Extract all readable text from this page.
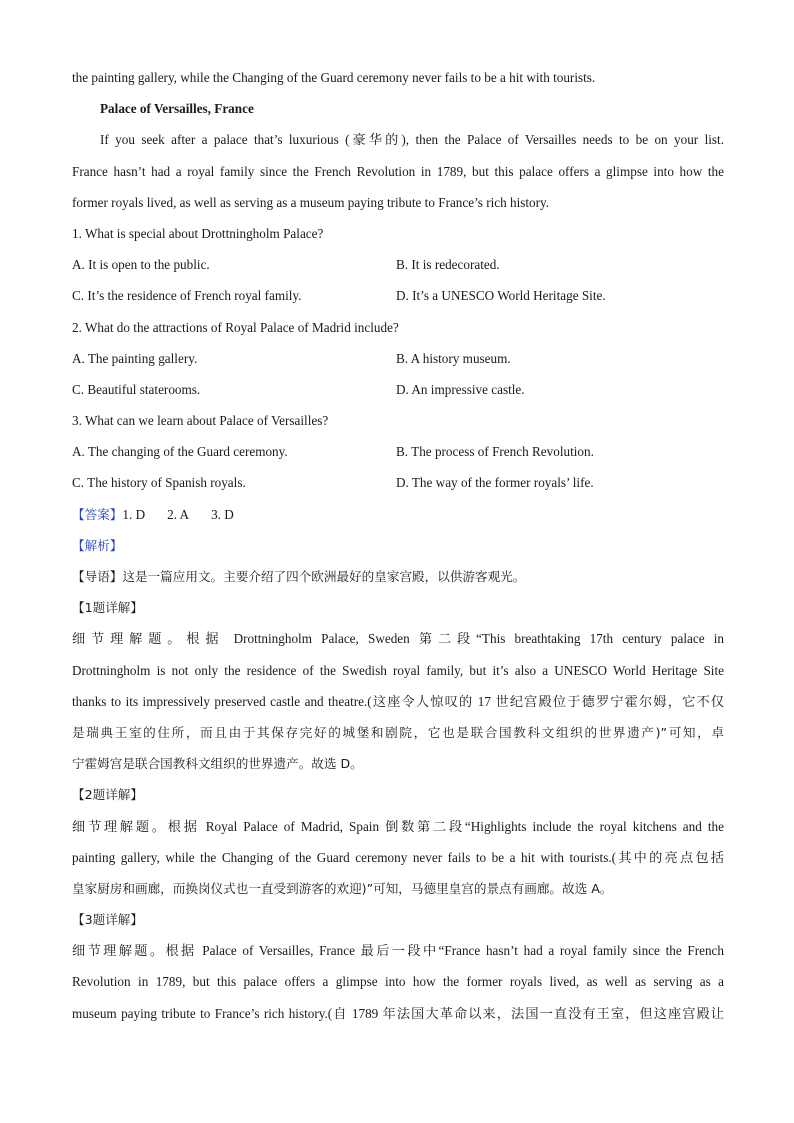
the painting gallery, while the Changing of the Guard ceremony never fails to be a hit with tourists.
Palace of Versailles, France
If you seek after a palace that’s luxurious (豪华的), then the Palace of Versailles needs to be on your list.
France hasn’t had a royal family since the French Revolution in 1789, but this palace offers a glimpse into how the
former royals lived, as well as serving as a museum paying tribute to France’s rich history.
1. What is special about Drottningholm Palace?
A. It is open to the public.	B. It is redecorated.
C. It’s the residence of French royal family.	D. It’s a UNESCO World Heritage Site.
2. What do the attractions of Royal Palace of Madrid include?
A. The painting gallery.	B. A history museum.
C. Beautiful staterooms.	D. An impressive castle.
3. What can we learn about Palace of Versailles?
A. The changing of the Guard ceremony.	B. The process of French Revolution.
C. The history of Spanish royals.	D. The way of the former royals’ life.
【答案】1. D 2. A 3. D
【解析】
【导语】这是一篇应用文。主要介绍了四个欧洲最好的皇家宫殿，以供游客观光。
【1题详解】
细节理解题。根据 Drottningholm Palace, Sweden 第二段“This breathtaking 17th century palace in
Drottningholm is not only the residence of the Swedish royal family, but it’s also a UNESCO World Heritage Site
thanks to its impressively preserved castle and theatre.(这座令人惊叹的 17 世纪宫殿位于德罗宁霍尔姆，它不仅
是瑞典王室的住所，而且由于其保存完好的城堡和剧院，它也是联合国教科文组织的世界遗产)”可知，卓
宁霍姆宫是联合国教科文组织的世界遗产。故选 D。
【2题详解】
细节理解题。根据 Royal Palace of Madrid, Spain 倒数第二段“Highlights include the royal kitchens and the
painting gallery, while the Changing of the Guard ceremony never fails to be a hit with tourists.(其中的亮点包括
皇家厨房和画廊，而换岗仪式也一直受到游客的欢迎)”可知，马德里皇宫的景点有画廊。故选 A。
【3题详解】
细节理解题。根据 Palace of Versailles, France 最后一段中“France hasn’t had a royal family since the French
Revolution in 1789, but this palace offers a glimpse into how the former royals lived, as well as serving as a
museum paying tribute to France’s rich history.(自 1789 年法国大革命以来，法国一直没有王室，但这座宫殿让
